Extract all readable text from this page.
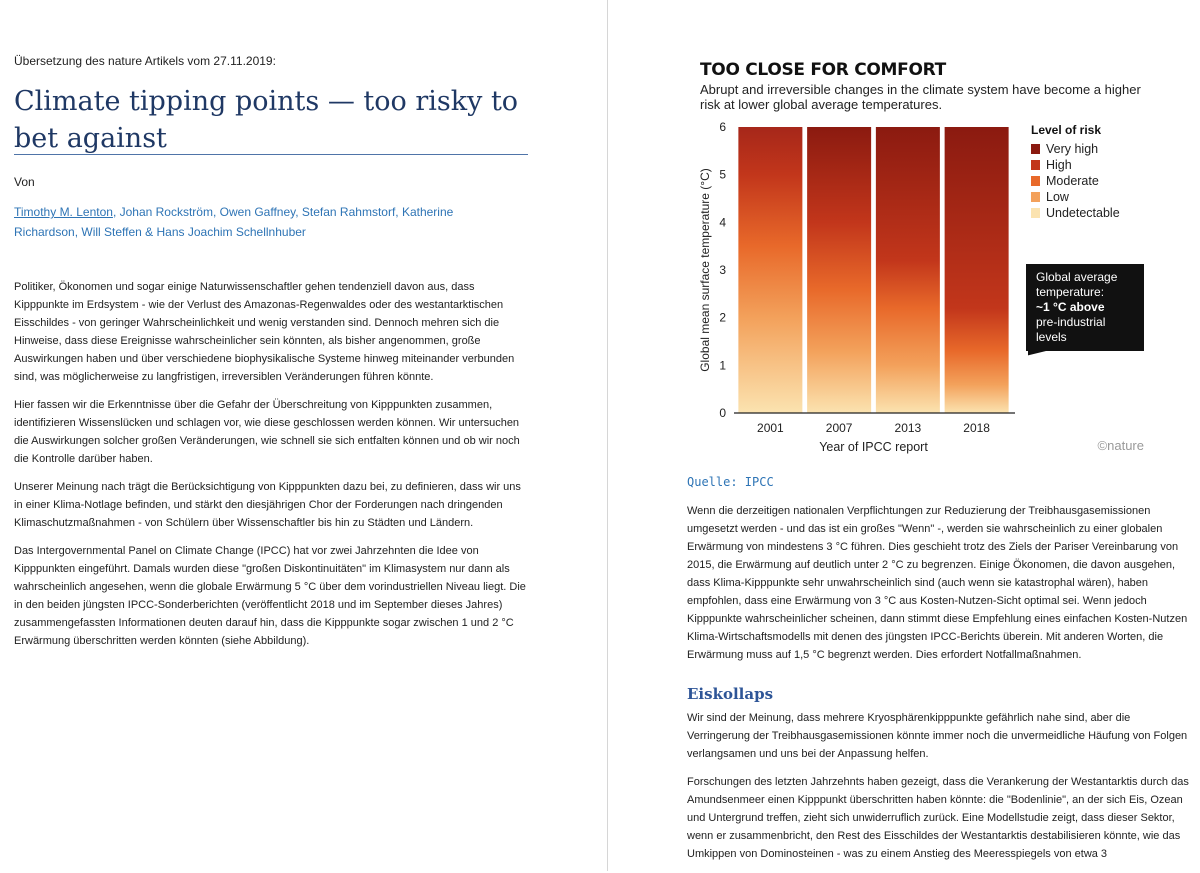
Übersetzung des nature Artikels vom 27.11.2019:
Climate tipping points — too risky to bet against
Von
Timothy M. Lenton, Johan Rockström, Owen Gaffney, Stefan Rahmstorf, Katherine Richardson, Will Steffen & Hans Joachim Schellnhuber

Politiker, Ökonomen und sogar einige Naturwissenschaftler gehen tendenziell davon aus, dass Kipppunkte im Erdsystem - wie der Verlust des Amazonas-Regenwaldes oder des westantarktischen Eisschildes - von geringer Wahrscheinlichkeit und wenig verstanden sind. Dennoch mehren sich die Hinweise, dass diese Ereignisse wahrscheinlicher sein könnten, als bisher angenommen, große Auswirkungen haben und über verschiedene biophysikalische Systeme hinweg miteinander verbunden sind, was möglicherweise zu langfristigen, irreversiblen Veränderungen führen könnte.

Hier fassen wir die Erkenntnisse über die Gefahr der Überschreitung von Kipppunkten zusammen, identifizieren Wissenslücken und schlagen vor, wie diese geschlossen werden können. Wir untersuchen die Auswirkungen solcher großen Veränderungen, wie schnell sie sich entfalten können und ob wir noch die Kontrolle darüber haben.

Unserer Meinung nach trägt die Berücksichtigung von Kipppunkten dazu bei, zu definieren, dass wir uns in einer Klima-Notlage befinden, und stärkt den diesjährigen Chor der Forderungen nach dringenden Klimaschutzmaßnahmen - von Schülern über Wissenschaftler bis hin zu Städten und Ländern.

Das Intergovernmental Panel on Climate Change (IPCC) hat vor zwei Jahrzehnten die Idee von Kipppunkten eingeführt. Damals wurden diese "großen Diskontinuitäten" im Klimasystem nur dann als wahrscheinlich angesehen, wenn die globale Erwärmung 5 °C über dem vorindustriellen Niveau liegt. Die in den beiden jüngsten IPCC-Sonderberichten (veröffentlicht 2018 und im September dieses Jahres) zusammengefassten Informationen deuten darauf hin, dass die Kipppunkte sogar zwischen 1 und 2 °C Erwärmung überschritten werden könnten (siehe Abbildung).

TOO CLOSE FOR COMFORT
Abrupt and irreversible changes in the climate system have become a higher risk at lower global average temperatures.
Global mean surface temperature (°C)
0
1
2
3
4
5
6
2001	2007	2013	2018
Year of IPCC report
Level of risk
Very high
High
Moderate
Low
Undetectable
Global average
temperature:
~1 °C above
pre-industrial
levels
©nature
Quelle: IPCC

Wenn die derzeitigen nationalen Verpflichtungen zur Reduzierung der Treibhausgasemissionen umgesetzt werden - und das ist ein großes "Wenn" -, werden sie wahrscheinlich zu einer globalen Erwärmung von mindestens 3 °C führen. Dies geschieht trotz des Ziels der Pariser Vereinbarung von 2015, die Erwärmung auf deutlich unter 2 °C zu begrenzen. Einige Ökonomen, die davon ausgehen, dass Klima-Kipppunkte sehr unwahrscheinlich sind (auch wenn sie katastrophal wären), haben empfohlen, dass eine Erwärmung von 3 °C aus Kosten-Nutzen-Sicht optimal sei. Wenn jedoch Kipppunkte wahrscheinlicher scheinen, dann stimmt diese Empfehlung eines einfachen Kosten-Nutzen Klima-Wirtschaftsmodells mit denen des jüngsten IPCC-Berichts überein. Mit anderen Worten, die Erwärmung muss auf 1,5 °C begrenzt werden. Dies erfordert Notfallmaßnahmen.

Eiskollaps

Wir sind der Meinung, dass mehrere Kryosphärenkipppunkte gefährlich nahe sind, aber die Verringerung der Treibhausgasemissionen könnte immer noch die unvermeidliche Häufung von Folgen verlangsamen und uns bei der Anpassung helfen.

Forschungen des letzten Jahrzehnts haben gezeigt, dass die Verankerung der Westantarktis durch das Amundsenmeer einen Kipppunkt überschritten haben könnte: die "Bodenlinie", an der sich Eis, Ozean und Untergrund treffen, zieht sich unwiderruflich zurück. Eine Modellstudie zeigt, dass dieser Sektor, wenn er zusammenbricht, den Rest des Eisschildes der Westantarktis destabilisieren könnte, wie das Umkippen von Dominosteinen - was zu einem Anstieg des Meeresspiegels von etwa 3
